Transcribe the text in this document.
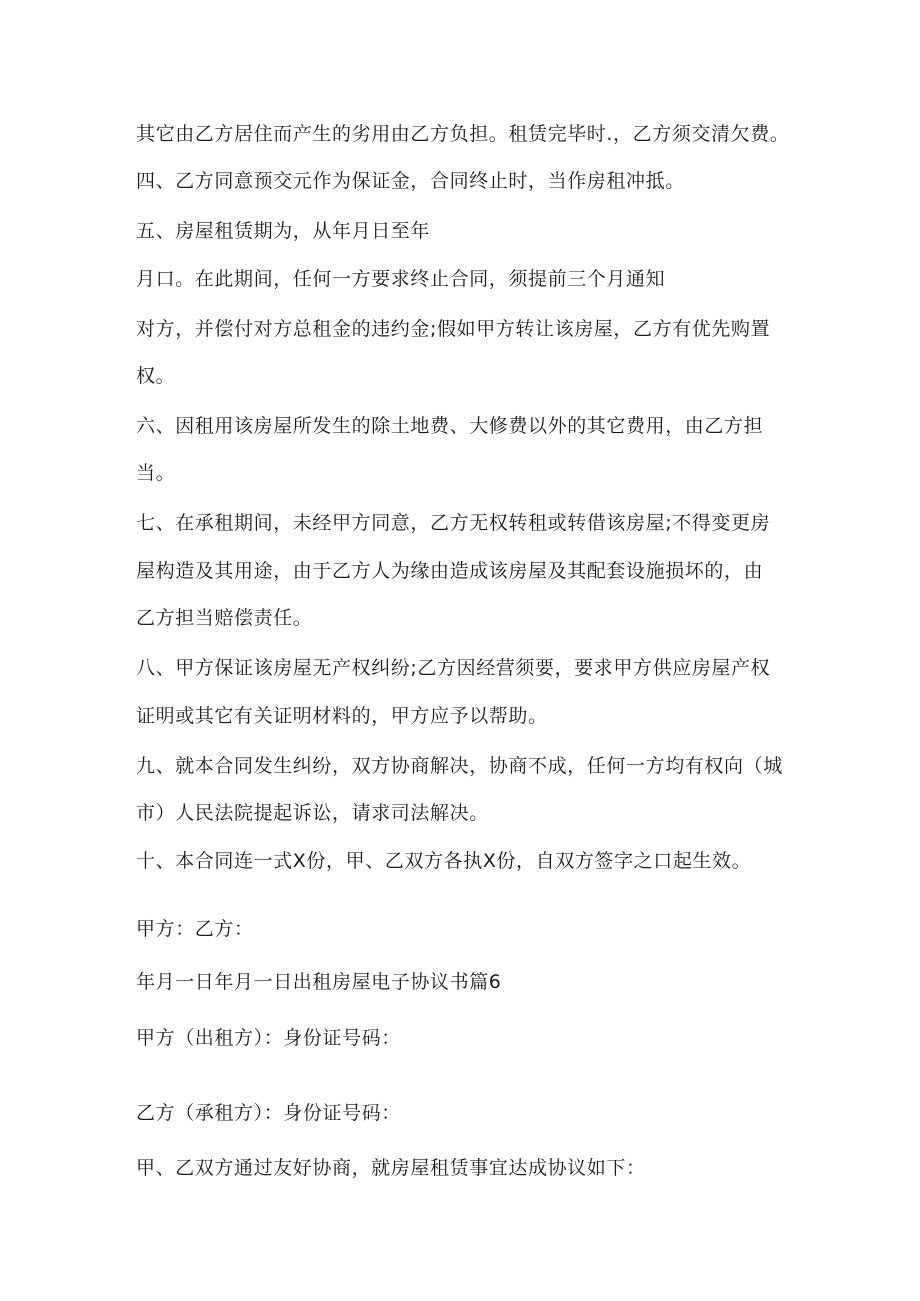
其它由乙方居住而产生的劣用由乙方负担。租赁完毕时.，乙方须交清欠费。

四、乙方同意预交元作为保证金，合同终止时，当作房租冲抵。

五、房屋租赁期为，从年月日至年

月口。在此期间，任何一方要求终止合同，须提前三个月通知

对方，并偿付对方总租金的违约金;假如甲方转让该房屋，乙方有优先购置

权。

六、因租用该房屋所发生的除土地费、大修费以外的其它费用，由乙方担

当。

七、在承租期间，未经甲方同意，乙方无权转租或转借该房屋;不得变更房

屋构造及其用途，由于乙方人为缘由造成该房屋及其配套设施损坏的，由

乙方担当赔偿责任。

八、甲方保证该房屋无产权纠纷;乙方因经营须要，要求甲方供应房屋产权

证明或其它有关证明材料的，甲方应予以帮助。

九、就本合同发生纠纷，双方协商解决，协商不成，任何一方均有权向（城

市）人民法院提起诉讼，请求司法解决。

十、本合同连一式X份，甲、乙双方各执X份，自双方签字之口起生效。

甲方：乙方：

年月一日年月一日出租房屋电子协议书篇6

甲方（出租方）：身份证号码：

乙方（承租方）：身份证号码：

甲、乙双方通过友好协商，就房屋租赁事宜达成协议如下：
